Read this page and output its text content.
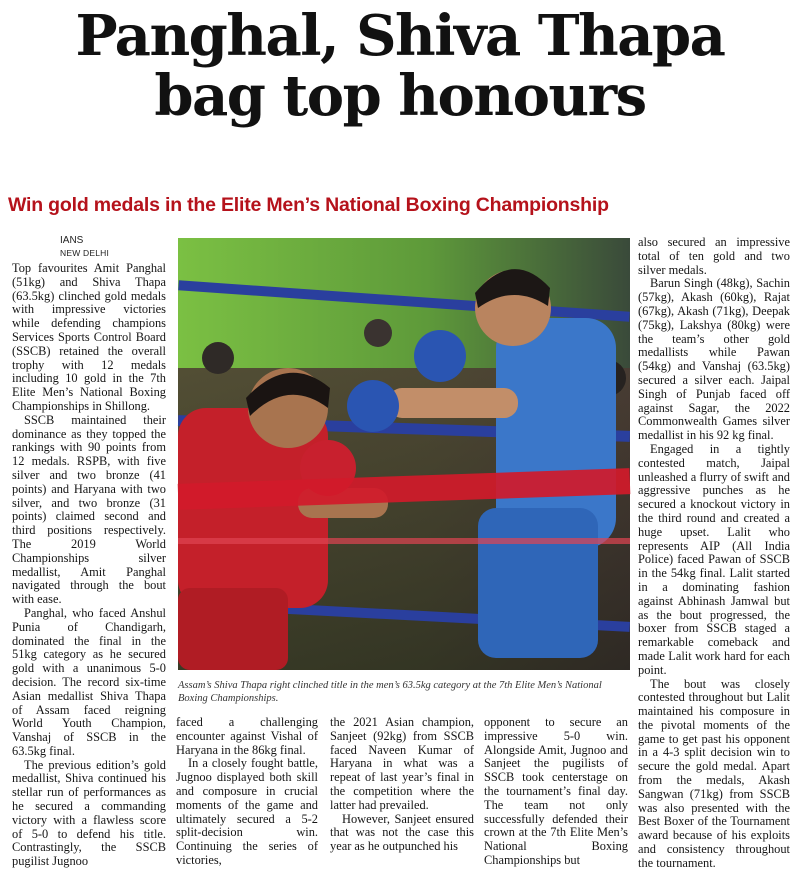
Panghal, Shiva Thapa
bag top honours
Win gold medals in the Elite Men’s National Boxing Championship
IANS
NEW DELHI

Top favourites Amit Panghal (51kg) and Shiva Thapa (63.5kg) clinched gold medals with impressive victories while defending champions Services Sports Control Board (SSCB) retained the overall trophy with 12 medals including 10 gold in the 7th Elite Men’s National Boxing Championships in Shillong.

SSCB maintained their dominance as they topped the rankings with 90 points from 12 medals. RSPB, with five silver and two bronze (41 points) and Haryana with two silver, and two bronze (31 points) claimed second and third positions respectively. The 2019 World Championships silver medallist, Amit Panghal navigated through the bout with ease.

Panghal, who faced Anshul Punia of Chandigarh, dominated the final in the 51kg category as he secured gold with a unanimous 5-0 decision. The record six-time Asian medallist Shiva Thapa of Assam faced reigning World Youth Champion, Vanshaj of SSCB in the 63.5kg final.

The previous edition’s gold medallist, Shiva continued his stellar run of performances as he secured a commanding victory with a flawless score of 5-0 to defend his title. Contrastingly, the SSCB pugilist Jugnoo

Assam’s Shiva Thapa right clinched title in the men’s 63.5kg category at the 7th Elite Men’s National Boxing Championships.

faced a challenging encounter against Vishal of Haryana in the 86kg final.

In a closely fought battle, Jugnoo displayed both skill and composure in crucial moments of the game and ultimately secured a 5-2 split-decision win. Continuing the series of victories,

the 2021 Asian champion, Sanjeet (92kg) from SSCB faced Naveen Kumar of Haryana in what was a repeat of last year’s final in the competition where the latter had prevailed.

However, Sanjeet ensured that was not the case this year as he outpunched his

opponent to secure an impressive 5-0 win. Alongside Amit, Jugnoo and Sanjeet the pugilists of SSCB took centerstage on the tournament’s final day. The team not only successfully defended their crown at the 7th Elite Men’s National Boxing Championships but

also secured an impressive total of ten gold and two silver medals.

Barun Singh (48kg), Sachin (57kg), Akash (60kg), Rajat (67kg), Akash (71kg), Deepak (75kg), Lakshya (80kg) were the team’s other gold medallists while Pawan (54kg) and Vanshaj (63.5kg) secured a silver each. Jaipal Singh of Punjab faced off against Sagar, the 2022 Commonwealth Games silver medallist in his 92 kg final.

Engaged in a tightly contested match, Jaipal unleashed a flurry of swift and aggressive punches as he secured a knockout victory in the third round and created a huge upset. Lalit who represents AIP (All India Police) faced Pawan of SSCB in the 54kg final. Lalit started in a dominating fashion against Abhinash Jamwal but as the bout progressed, the boxer from SSCB staged a remarkable comeback and made Lalit work hard for each point.

The bout was closely contested throughout but Lalit maintained his composure in the pivotal moments of the game to get past his opponent in a 4-3 split decision win to secure the gold medal. Apart from the medals, Akash Sangwan (71kg) from SSCB was also presented with the Best Boxer of the Tournament award because of his exploits and consistency throughout the tournament.
